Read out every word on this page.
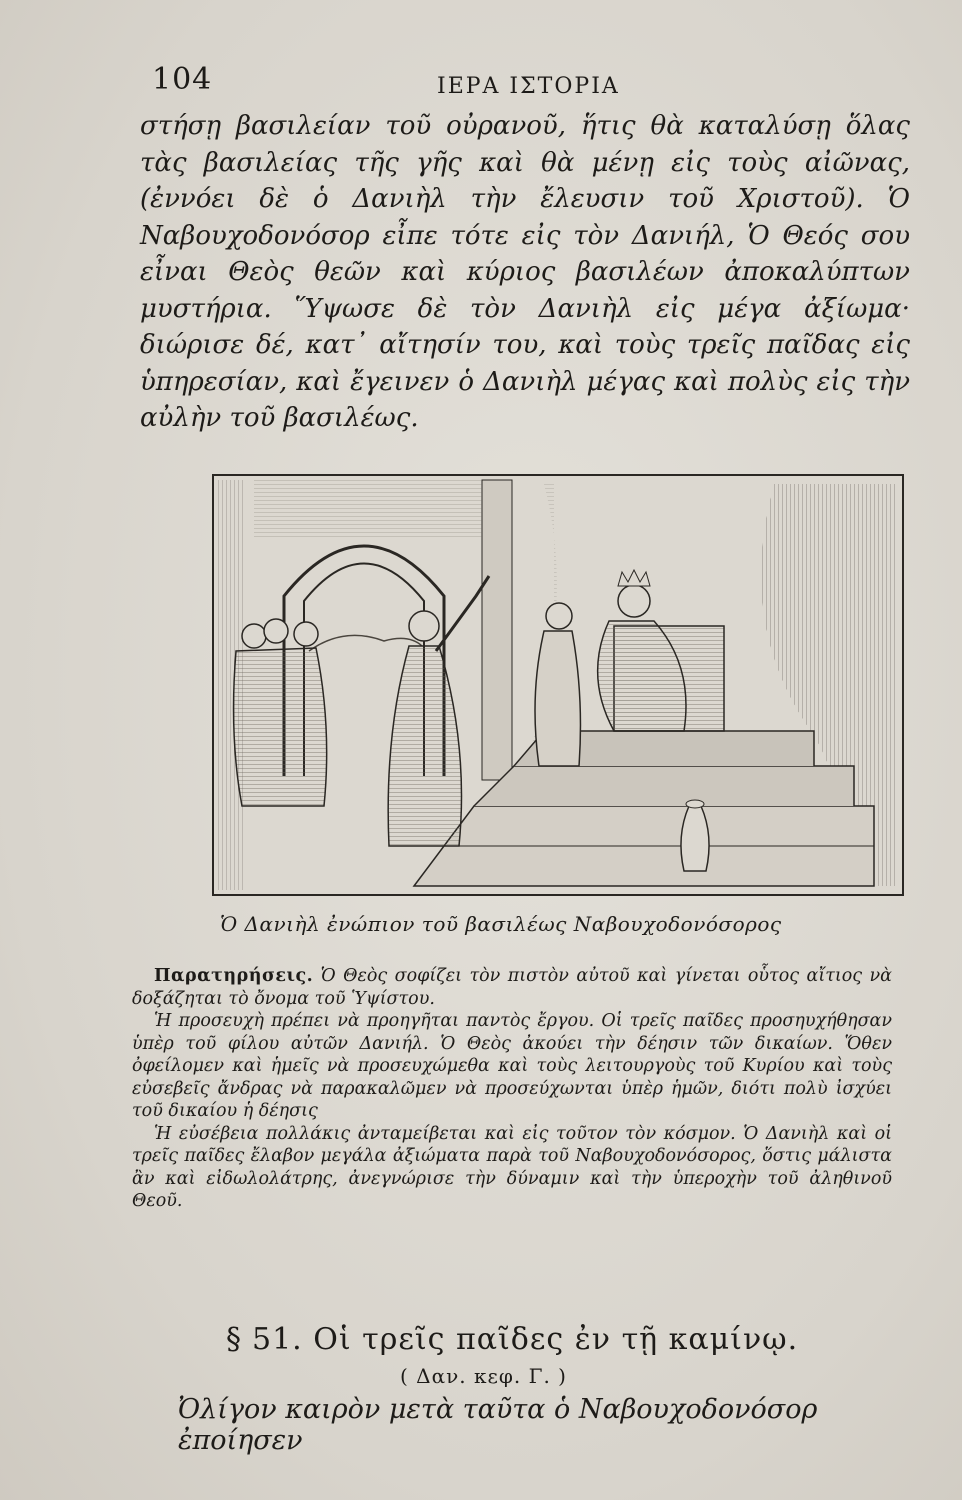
104	ΙΕΡΑ ΙΣΤΟΡΙΑ

στήσῃ βασιλείαν τοῦ οὐρανοῦ, ἥτις θὰ καταλύσῃ ὅλας τὰς βασιλείας τῆς γῆς καὶ θὰ μένῃ εἰς τοὺς αἰῶνας, (ἐννόει δὲ ὁ Δανιὴλ τὴν ἔλευσιν τοῦ Χριστοῦ). Ὁ Ναβουχοδονόσορ εἶπε τότε εἰς τὸν Δανιήλ, Ὁ Θεός σου εἶναι Θεὸς θεῶν καὶ κύριος βασιλέων ἀποκαλύπτων μυστήρια. Ὕψωσε δὲ τὸν Δανιὴλ εἰς μέγα ἀξίωμα· διώρισε δέ, κατ᾽ αἴτησίν του, καὶ τοὺς τρεῖς παῖδας εἰς ὑπηρεσίαν, καὶ ἔγεινεν ὁ Δανιὴλ μέγας καὶ πολὺς εἰς τὴν αὐλὴν τοῦ βασιλέως.

Ὁ Δανιὴλ ἐνώπιον τοῦ βασιλέως Ναβουχοδονόσορος

Παρατηρήσεις. Ὁ Θεὸς σοφίζει τὸν πιστὸν αὐτοῦ καὶ γίνεται οὗτος αἴτιος νὰ δοξάζηται τὸ ὄνομα τοῦ Ὑψίστου.

Ἡ προσευχὴ πρέπει νὰ προηγῆται παντὸς ἔργου. Οἱ τρεῖς παῖδες προσηυχήθησαν ὑπὲρ τοῦ φίλου αὐτῶν Δανιήλ. Ὁ Θεὸς ἀκούει τὴν δέησιν τῶν δικαίων. Ὅθεν ὀφείλομεν καὶ ἡμεῖς νὰ προσευχώμεθα καὶ τοὺς λειτουργοὺς τοῦ Κυρίου καὶ τοὺς εὐσεβεῖς ἄνδρας νὰ παρακαλῶμεν νὰ προσεύχωνται ὑπὲρ ἡμῶν, διότι πολὺ ἰσχύει τοῦ δικαίου ἡ δέησις

Ἡ εὐσέβεια πολλάκις ἀνταμείβεται καὶ εἰς τοῦτον τὸν κόσμον. Ὁ Δανιὴλ καὶ οἱ τρεῖς παῖδες ἔλαβον μεγάλα ἀξιώματα παρὰ τοῦ Ναβουχοδονόσορος, ὅστις μάλιστα ἂν καὶ εἰδωλολάτρης, ἀνεγνώρισε τὴν δύναμιν καὶ τὴν ὑπεροχὴν τοῦ ἀληθινοῦ Θεοῦ.

§ 51. Οἱ τρεῖς παῖδες ἐν τῇ καμίνῳ.
( Δαν. κεφ. Γ. )
Ὀλίγον καιρὸν μετὰ ταῦτα ὁ Ναβουχοδονόσορ ἐποίησεν
